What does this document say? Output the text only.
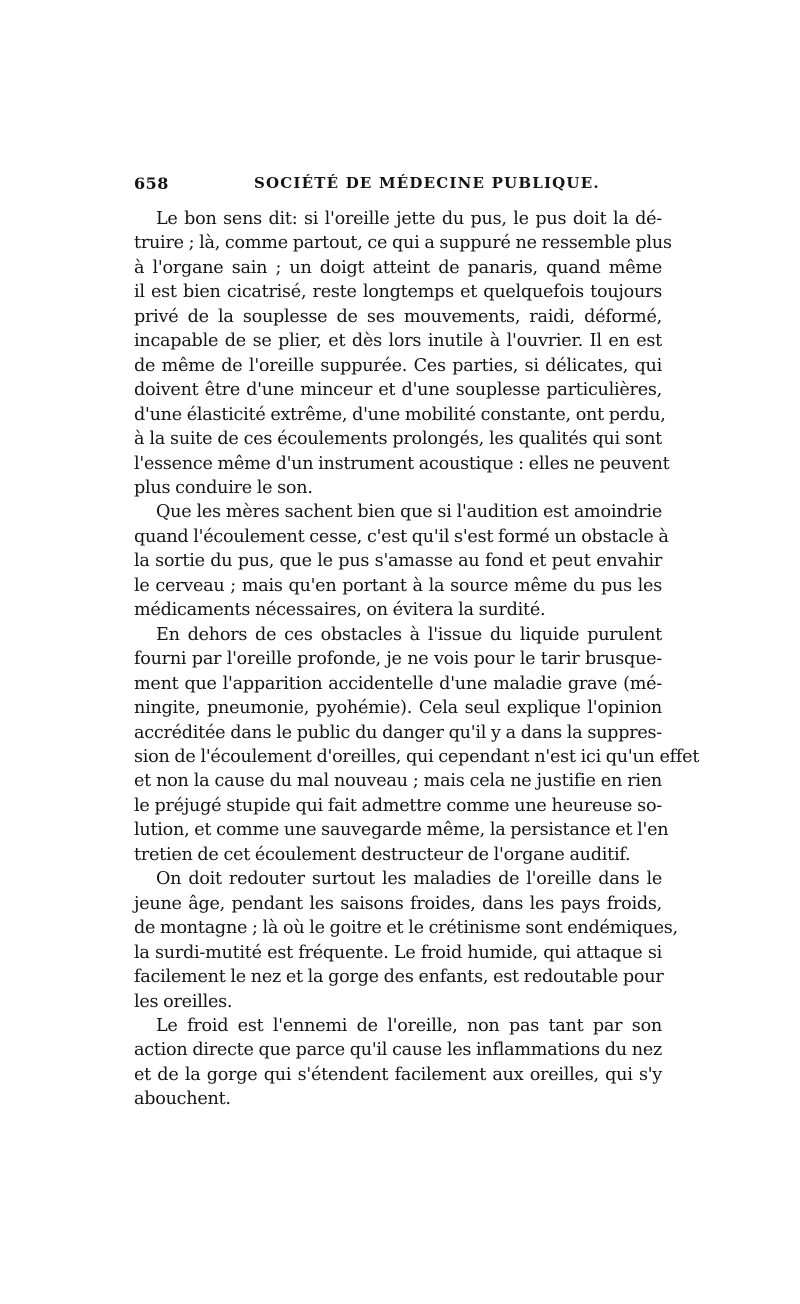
658	SOCIÉTÉ DE MÉDECINE PUBLIQUE.

Le bon sens dit: si l'oreille jette du pus, le pus doit la dé-
truire ; là, comme partout, ce qui a suppuré ne ressemble plus
à l'organe sain ; un doigt atteint de panaris, quand même
il est bien cicatrisé, reste longtemps et quelquefois toujours
privé de la souplesse de ses mouvements, raidi, déformé,
incapable de se plier, et dès lors inutile à l'ouvrier. Il en est
de même de l'oreille suppurée. Ces parties, si délicates, qui
doivent être d'une minceur et d'une souplesse particulières,
d'une élasticité extrême, d'une mobilité constante, ont perdu,
à la suite de ces écoulements prolongés, les qualités qui sont
l'essence même d'un instrument acoustique : elles ne peuvent
plus conduire le son.

Que les mères sachent bien que si l'audition est amoindrie
quand l'écoulement cesse, c'est qu'il s'est formé un obstacle à
la sortie du pus, que le pus s'amasse au fond et peut envahir
le cerveau ; mais qu'en portant à la source même du pus les
médicaments nécessaires, on évitera la surdité.

En dehors de ces obstacles à l'issue du liquide purulent
fourni par l'oreille profonde, je ne vois pour le tarir brusque-
ment que l'apparition accidentelle d'une maladie grave (mé-
ningite, pneumonie, pyohémie). Cela seul explique l'opinion
accréditée dans le public du danger qu'il y a dans la suppres-
sion de l'écoulement d'oreilles, qui cependant n'est ici qu'un effet
et non la cause du mal nouveau ; mais cela ne justifie en rien
le préjugé stupide qui fait admettre comme une heureuse so-
lution, et comme une sauvegarde même, la persistance et l'en
tretien de cet écoulement destructeur de l'organe auditif.

On doit redouter surtout les maladies de l'oreille dans le
jeune âge, pendant les saisons froides, dans les pays froids,
de montagne ; là où le goitre et le crétinisme sont endémiques,
la surdi-mutité est fréquente. Le froid humide, qui attaque si
facilement le nez et la gorge des enfants, est redoutable pour
les oreilles.

Le froid est l'ennemi de l'oreille, non pas tant par son
action directe que parce qu'il cause les inflammations du nez
et de la gorge qui s'étendent facilement aux oreilles, qui s'y
abouchent.
